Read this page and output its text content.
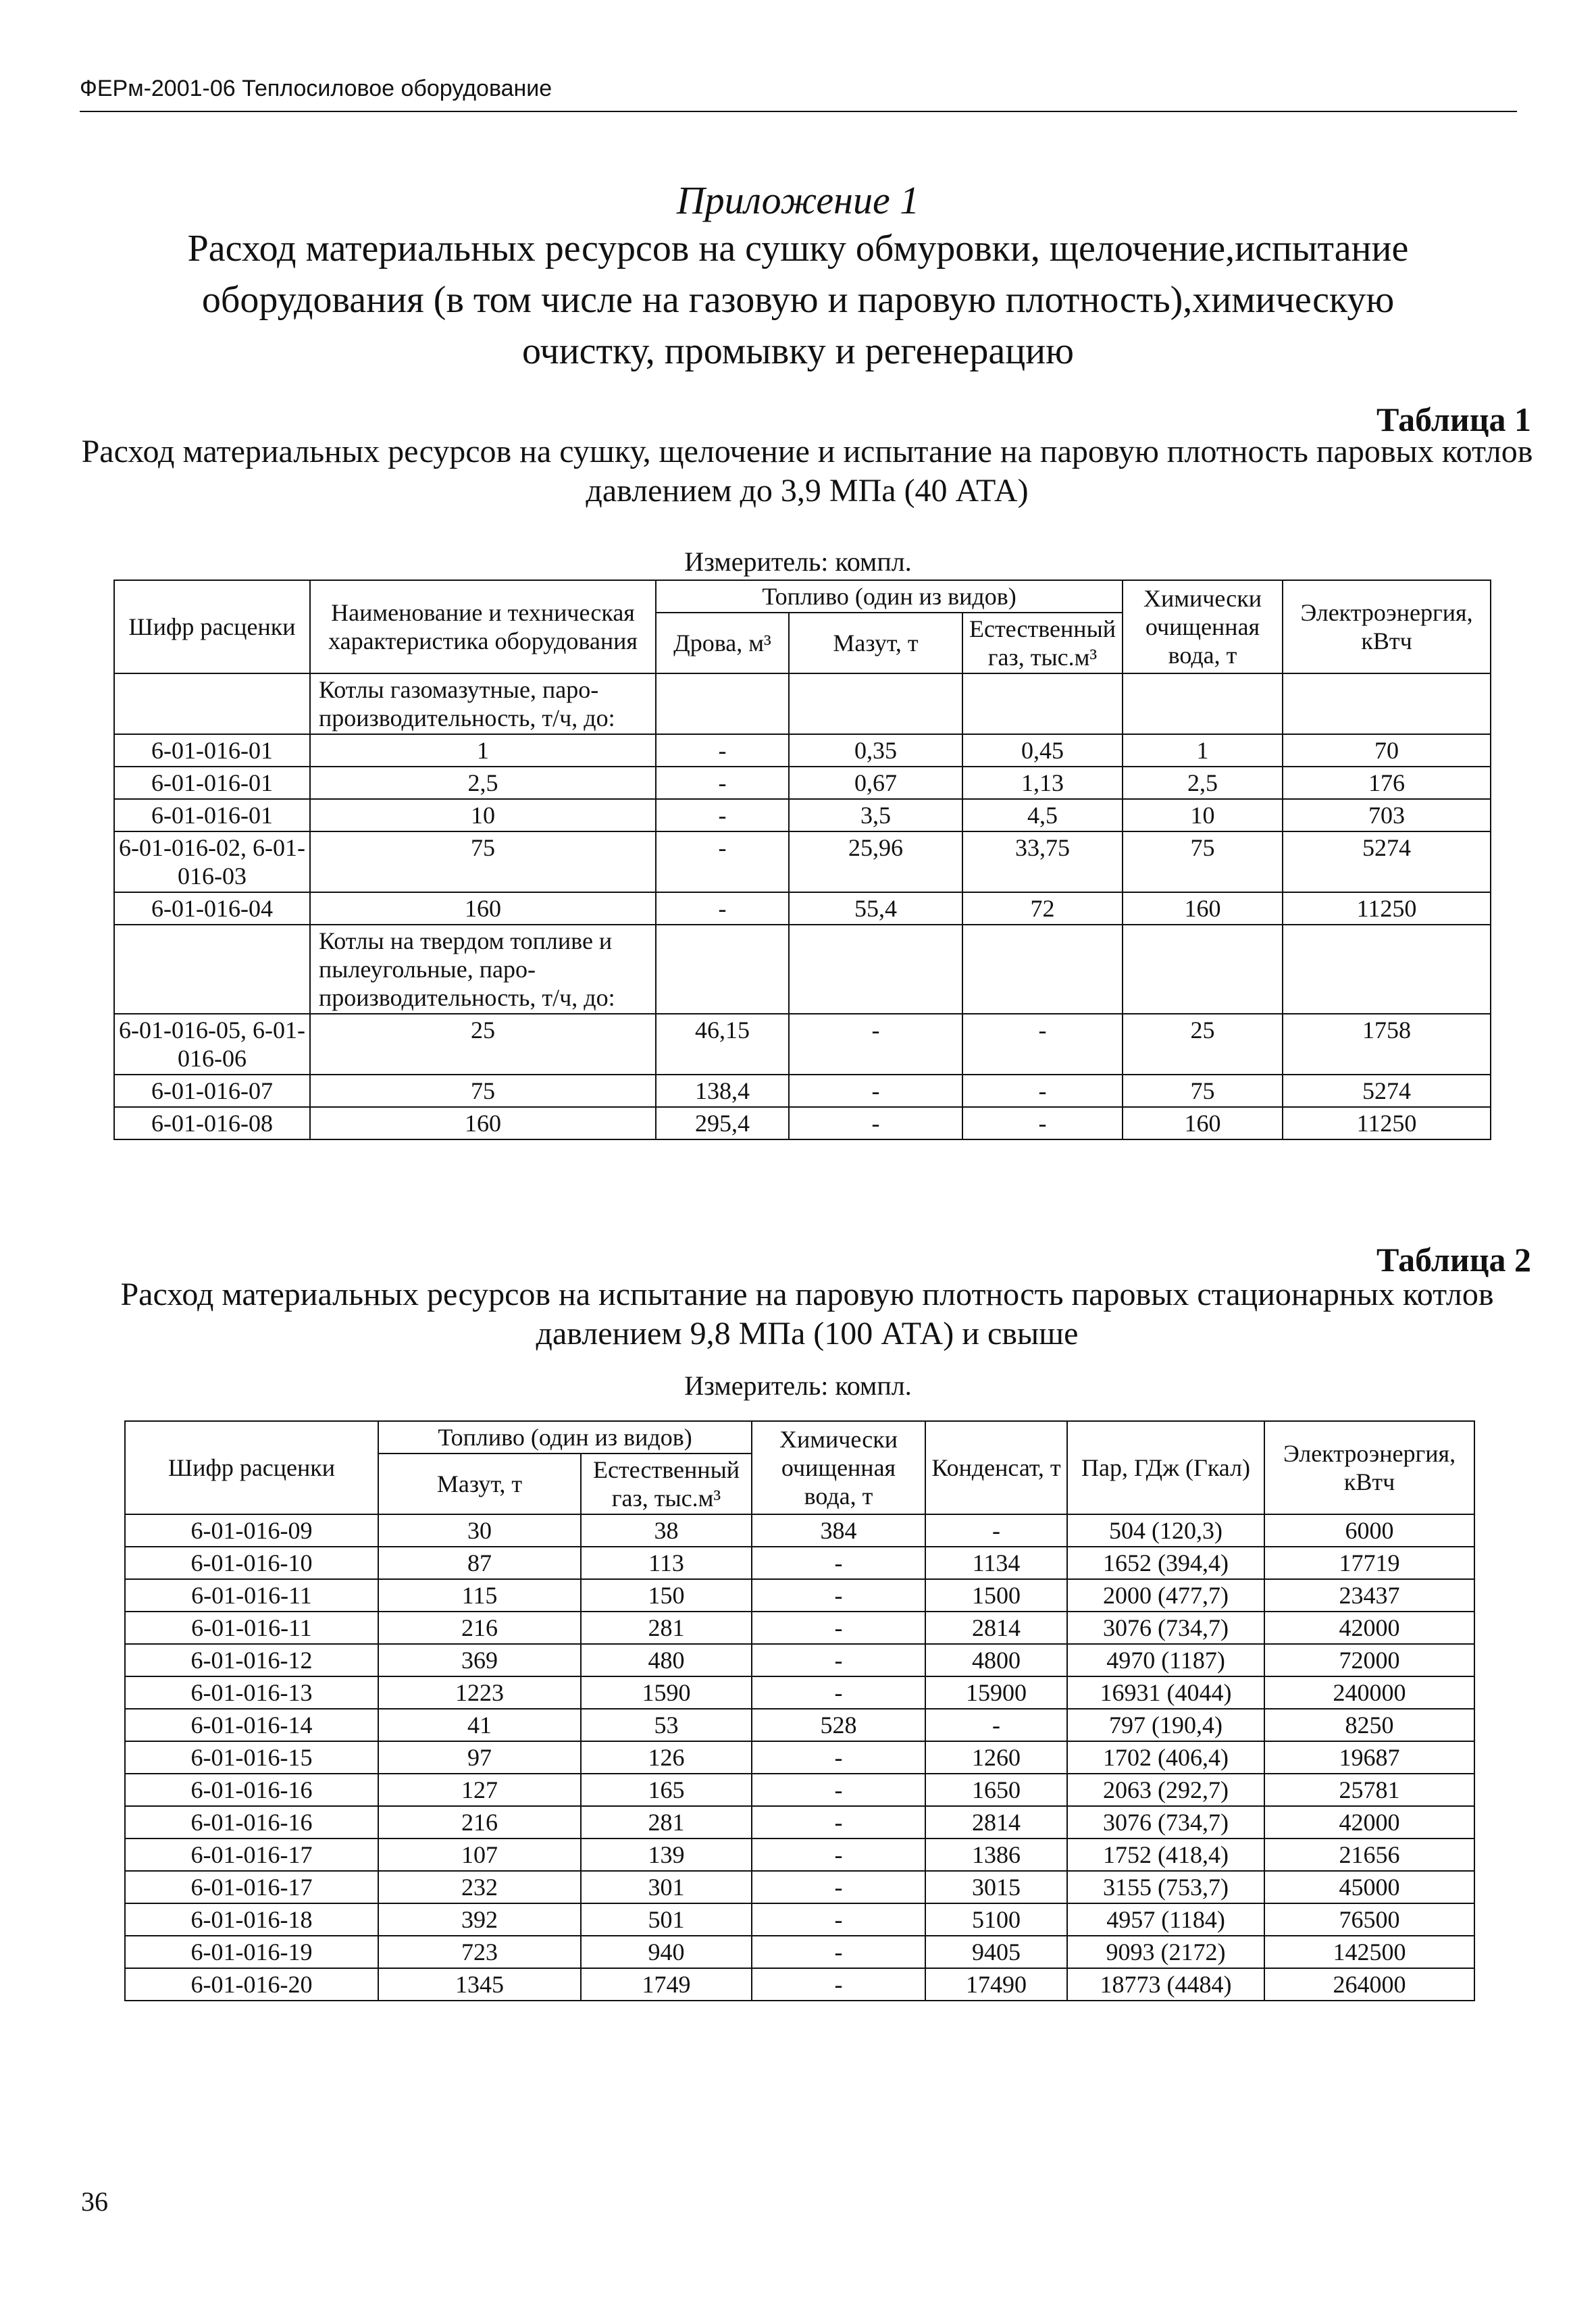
ФЕРм-2001-06 Теплосиловое оборудование
Приложение 1
Расход материальных ресурсов на сушку обмуровки, щелочение,испытание оборудования (в том числе на газовую и паровую плотность),химическую очистку, промывку и регенерацию
Таблица 1
Расход материальных ресурсов на сушку, щелочение и испытание на паровую плотность паровых котлов давлением до 3,9 МПа (40 АТА)
Измеритель: компл.
Шифр расценки	Наименование и техническая характеристика оборудования	Топливо (один из видов)			Химически очищенная вода, т	Электроэнергия, кВтч
		Дрова, м³	Мазут, т	Естественный газ, тыс.м³		
	Котлы газомазутные, паро- производительность, т/ч, до:					
6-01-016-01	1	-	0,35	0,45	1	70
6-01-016-01	2,5	-	0,67	1,13	2,5	176
6-01-016-01	10	-	3,5	4,5	10	703
6-01-016-02, 6-01-016-03	75	-	25,96	33,75	75	5274
6-01-016-04	160	-	55,4	72	160	11250
	Котлы на твердом топливе и пылеугольные, паро- производительность, т/ч, до:					
6-01-016-05, 6-01-016-06	25	46,15	-	-	25	1758
6-01-016-07	75	138,4	-	-	75	5274
6-01-016-08	160	295,4	-	-	160	11250
Таблица 2
Расход материальных ресурсов на испытание на паровую плотность паровых стационарных котлов давлением 9,8 МПа (100 АТА) и свыше
Измеритель: компл.
Шифр расценки	Топливо (один из видов)		Химически очищенная вода, т	Конденсат, т	Пар, ГДж (Гкал)	Электроэнергия, кВтч
	Мазут, т	Естественный газ, тыс.м³				
6-01-016-09	30	38	384	-	504 (120,3)	6000
6-01-016-10	87	113	-	1134	1652 (394,4)	17719
6-01-016-11	115	150	-	1500	2000 (477,7)	23437
6-01-016-11	216	281	-	2814	3076 (734,7)	42000
6-01-016-12	369	480	-	4800	4970 (1187)	72000
6-01-016-13	1223	1590	-	15900	16931 (4044)	240000
6-01-016-14	41	53	528	-	797 (190,4)	8250
6-01-016-15	97	126	-	1260	1702 (406,4)	19687
6-01-016-16	127	165	-	1650	2063 (292,7)	25781
6-01-016-16	216	281	-	2814	3076 (734,7)	42000
6-01-016-17	107	139	-	1386	1752 (418,4)	21656
6-01-016-17	232	301	-	3015	3155 (753,7)	45000
6-01-016-18	392	501	-	5100	4957 (1184)	76500
6-01-016-19	723	940	-	9405	9093 (2172)	142500
6-01-016-20	1345	1749	-	17490	18773 (4484)	264000
36
